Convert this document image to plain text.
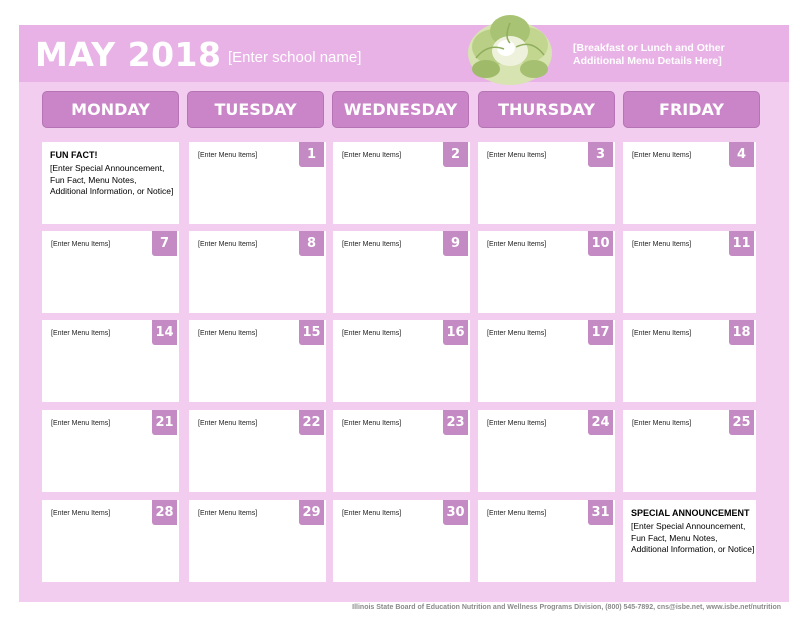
MAY 2018 [Enter school name]
[Breakfast or Lunch and Other
Additional Menu Details Here]
MONDAY	TUESDAY	WEDNESDAY	THURSDAY	FRIDAY
FUN FACT!
[Enter Special Announcement, Fun Fact, Menu Notes, Additional Information, or Notice]
[Enter Menu Items]	1	[Enter Menu Items]	2	[Enter Menu Items]	3	[Enter Menu Items]	4
[Enter Menu Items]	7	[Enter Menu Items]	8	[Enter Menu Items]	9	[Enter Menu Items]	10	[Enter Menu Items]	11
[Enter Menu Items]	14	[Enter Menu Items]	15	[Enter Menu Items]	16	[Enter Menu Items]	17	[Enter Menu Items]	18
[Enter Menu Items]	21	[Enter Menu Items]	22	[Enter Menu Items]	23	[Enter Menu Items]	24	[Enter Menu Items]	25
[Enter Menu Items]	28	[Enter Menu Items]	29	[Enter Menu Items]	30	[Enter Menu Items]	31	SPECIAL ANNOUNCEMENT
[Enter Special Announcement, Fun Fact, Menu Notes, Additional Information, or Notice]
Illinois State Board of Education Nutrition and Wellness Programs Division, (800) 545-7892, cns@isbe.net, www.isbe.net/nutrition
